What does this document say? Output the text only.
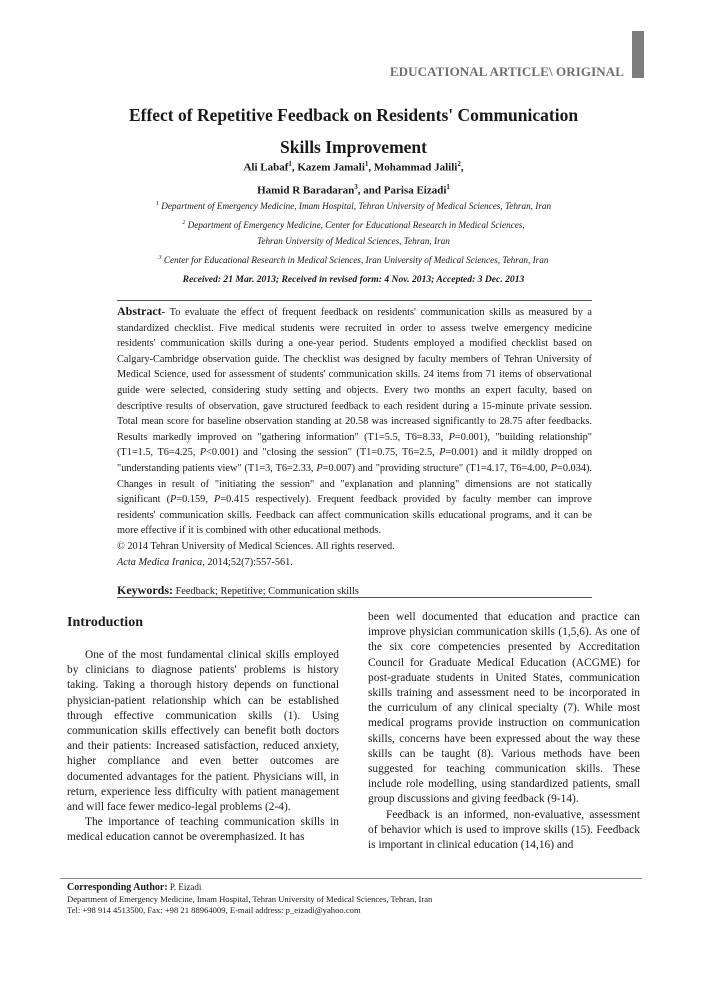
EDUCATIONAL ARTICLE\ ORIGINAL
Effect of Repetitive Feedback on Residents' Communication
Skills Improvement
Ali Labaf$^1$, Kazem Jamali$^1$, Mohammad Jalili$^2$,
Hamid R Baradaran$^3$, and Parisa Eizadi$^1$
$^1$ Department of Emergency Medicine, Imam Hospital, Tehran University of Medical Sciences, Tehran, Iran
$^2$ Department of Emergency Medicine, Center for Educational Research in Medical Sciences,
Tehran University of Medical Sciences, Tehran, Iran
$^3$ Center for Educational Research in Medical Sciences, Iran University of Medical Sciences, Tehran, Iran
Received: 21 Mar. 2013; Received in revised form: 4 Nov. 2013; Accepted: 3 Dec. 2013

Abstract- To evaluate the effect of frequent feedback on residents' communication skills as measured by a standardized checklist. Five medical students were recruited in order to assess twelve emergency medicine residents' communication skills during a one-year period. Students employed a modified checklist based on Calgary-Cambridge observation guide. The checklist was designed by faculty members of Tehran University of Medical Science, used for assessment of students' communication skills. 24 items from 71 items of observational guide were selected, considering study setting and objects. Every two months an expert faculty, based on descriptive results of observation, gave structured feedback to each resident during a 15-minute private session. Total mean score for baseline observation standing at 20.58 was increased significantly to 28.75 after feedbacks. Results markedly improved on "gathering information" (T1=5.5, T6=8.33, P=0.001), "building relationship" (T1=1.5, T6=4.25, P<0.001) and "closing the session" (T1=0.75, T6=2.5, P=0.001) and it mildly dropped on "understanding patients view" (T1=3, T6=2.33, P=0.007) and "providing structure" (T1=4.17, T6=4.00, P=0.034). Changes in result of "initiating the session" and "explanation and planning" dimensions are not statically significant (P=0.159, P=0.415 respectively). Frequent feedback provided by faculty member can improve residents' communication skills. Feedback can affect communication skills educational programs, and it can be more effective if it is combined with other educational methods.

© 2014 Tehran University of Medical Sciences. All rights reserved.
Acta Medica Iranica, 2014;52(7):557-561.
Keywords: Feedback; Repetitive; Communication skills
Introduction

One of the most fundamental clinical skills employed by clinicians to diagnose patients' problems is history taking. Taking a thorough history depends on functional physician-patient relationship which can be established through effective communication skills (1). Using communication skills effectively can benefit both doctors and their patients: Increased satisfaction, reduced anxiety, higher compliance and even better outcomes are documented advantages for the patient. Physicians will, in return, experience less difficulty with patient management and will face fewer medico-legal problems (2-4).

The importance of teaching communication skills in medical education cannot be overemphasized. It has

been well documented that education and practice can improve physician communication skills (1,5,6). As one of the six core competencies presented by Accreditation Council for Graduate Medical Education (ACGME) for post-graduate students in United States, communication skills training and assessment need to be incorporated in the curriculum of any clinical specialty (7). While most medical programs provide instruction on communication skills, concerns have been expressed about the way these skills can be taught (8). Various methods have been suggested for teaching communication skills. These include role modelling, using standardized patients, small group discussions and giving feedback (9-14).

Feedback is an informed, non-evaluative, assessment of behavior which is used to improve skills (15). Feedback is important in clinical education (14,16) and

Corresponding Author: P. Eizadi
Department of Emergency Medicine, Imam Hospital, Tehran University of Medical Sciences, Tehran, Iran
Tel: +98 914 4513500, Fax: +98 21 88964009, E-mail address: p_eizadi@yahoo.com
